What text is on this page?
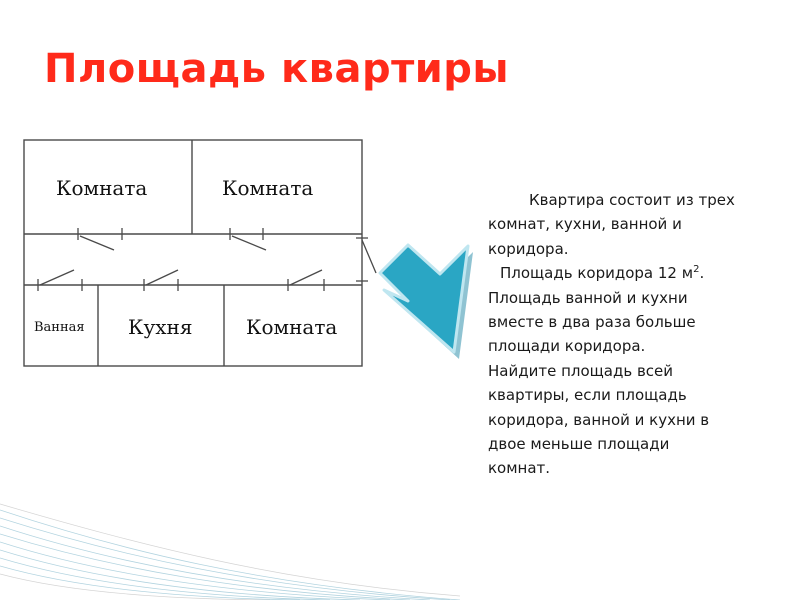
Площадь квартиры
Комната	Комната
Ванная Кухня	Комната

Квартира состоит из трех
комнат, кухни, ванной и
коридора.
Площадь коридора 12 $м^2$.
Площадь ванной и кухни
вместе в два раза больше
площади коридора.
Найдите площадь всей
квартиры, если площадь
коридора, ванной и кухни в
двое меньше площади
комнат.
